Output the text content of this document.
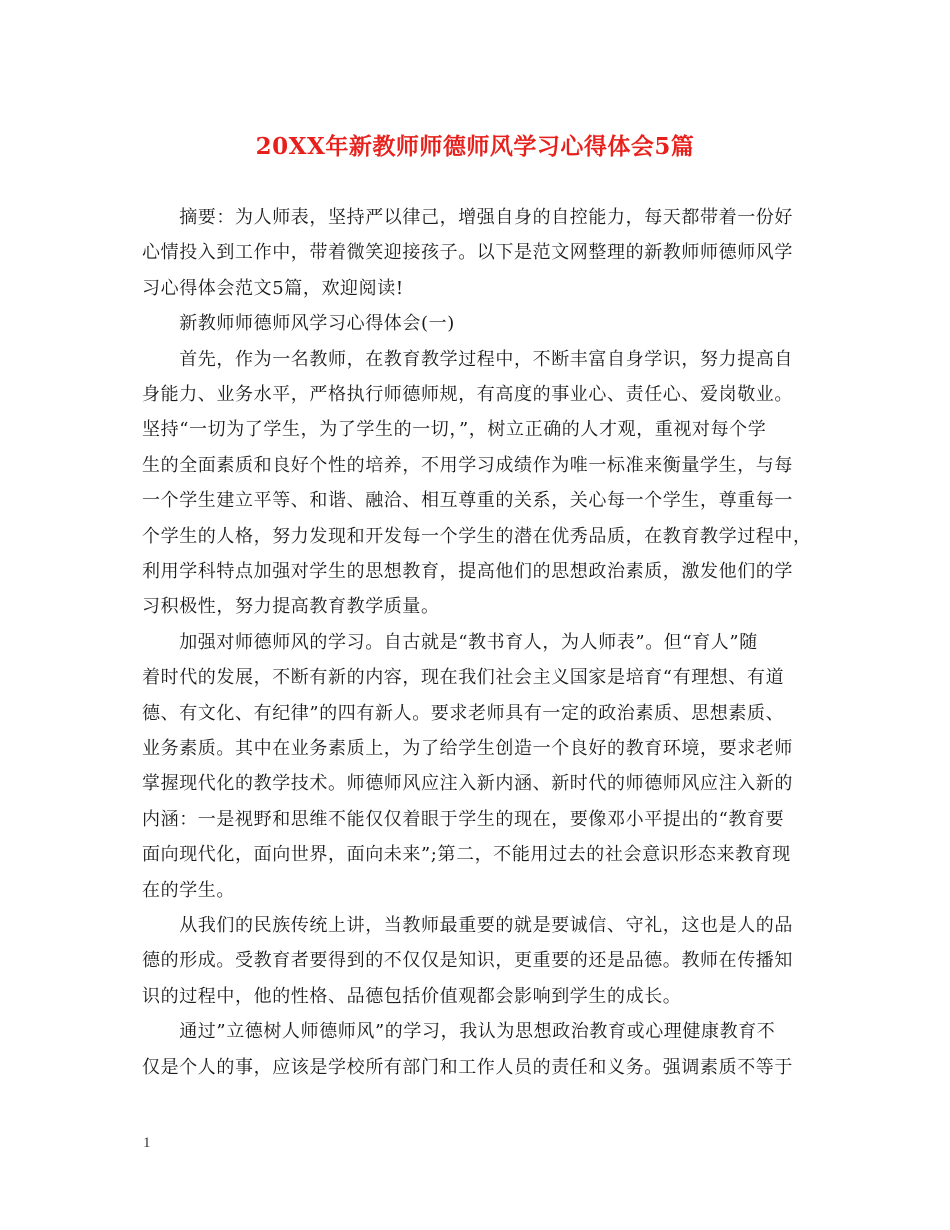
20XX年新教师师德师风学习心得体会5篇
　　摘要：为人师表，坚持严以律己，增强自身的自控能力，每天都带着一份好
心情投入到工作中，带着微笑迎接孩子。以下是范文网整理的新教师师德师风学
习心得体会范文5篇，欢迎阅读!
　　新教师师德师风学习心得体会(一)
　　首先，作为一名教师，在教育教学过程中，不断丰富自身学识，努力提高自
身能力、业务水平，严格执行师德师规，有高度的事业心、责任心、爱岗敬业。
坚持“一切为了学生，为了学生的一切，”，树立正确的人才观，重视对每个学
生的全面素质和良好个性的培养，不用学习成绩作为唯一标准来衡量学生，与每
一个学生建立平等、和谐、融洽、相互尊重的关系，关心每一个学生，尊重每一
个学生的人格，努力发现和开发每一个学生的潜在优秀品质，在教育教学过程中，
利用学科特点加强对学生的思想教育，提高他们的思想政治素质，激发他们的学
习积极性，努力提高教育教学质量。
　　加强对师德师风的学习。自古就是“教书育人，为人师表”。但“育人”随
着时代的发展，不断有新的内容，现在我们社会主义国家是培育“有理想、有道
德、有文化、有纪律”的四有新人。要求老师具有一定的政治素质、思想素质、
业务素质。其中在业务素质上，为了给学生创造一个良好的教育环境，要求老师
掌握现代化的教学技术。师德师风应注入新内涵、新时代的师德师风应注入新的
内涵：一是视野和思维不能仅仅着眼于学生的现在，要像邓小平提出的“教育要
面向现代化，面向世界，面向未来”;第二，不能用过去的社会意识形态来教育现
在的学生。
　　从我们的民族传统上讲，当教师最重要的就是要诚信、守礼，这也是人的品
德的形成。受教育者要得到的不仅仅是知识，更重要的还是品德。教师在传播知
识的过程中，他的性格、品德包括价值观都会影响到学生的成长。
　　通过”立德树人师德师风”的学习，我认为思想政治教育或心理健康教育不
仅是个人的事，应该是学校所有部门和工作人员的责任和义务。强调素质不等于
1
